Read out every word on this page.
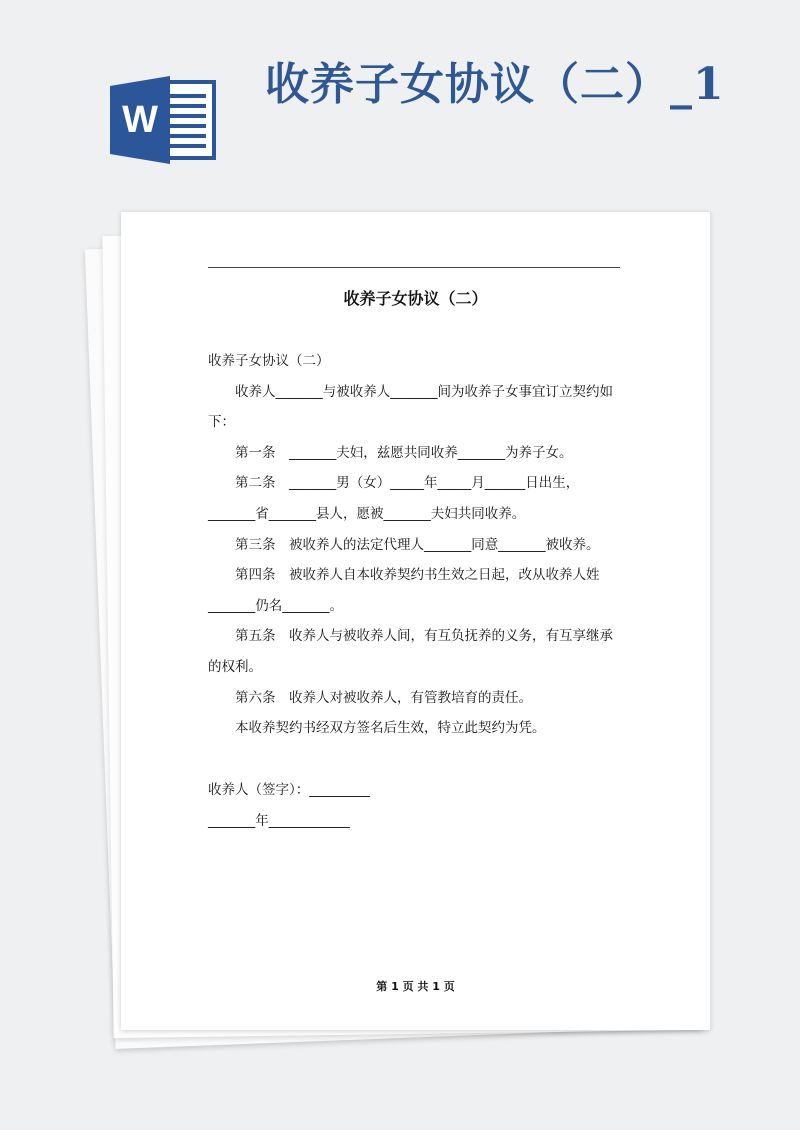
W
收养子女协议（二）_1
收养子女协议（二）

收养子女协议（二）

收养人_______与被收养人_______间为收养子女事宜订立契约如下：

第一条　_______夫妇，兹愿共同收养_______为养子女。

第二条　_______男（女）_____年_____月______日出生，_______省_______县人，愿被_______夫妇共同收养。

第三条　被收养人的法定代理人_______同意_______被收养。

第四条　被收养人自本收养契约书生效之日起，改从收养人姓_______仍名_______。

第五条　收养人与被收养人间，有互负抚养的义务，有互享继承的权利。

第六条　收养人对被收养人，有管教培育的责任。

本收养契约书经双方签名后生效，特立此契约为凭。

收养人（签字）：_________

_______年____________

第 1 页 共 1 页
